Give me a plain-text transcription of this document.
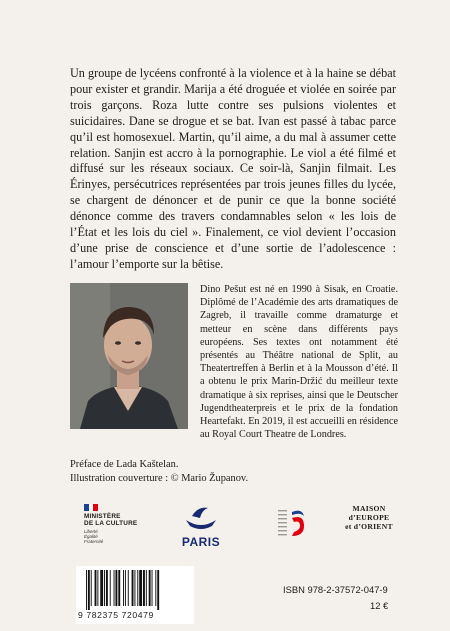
Un groupe de lycéens confronté à la violence et à la haine se débat pour exister et grandir. Marija a été droguée et violée en soirée par trois garçons. Roza lutte contre ses pulsions violentes et suicidaires. Dane se drogue et se bat. Ivan est passé à tabac parce qu’il est homosexuel. Martin, qu’il aime, a du mal à assumer cette relation. Sanjin est accro à la pornographie. Le viol a été filmé et diffusé sur les réseaux sociaux. Ce soir-là, Sanjin filmait. Les Érinyes, persécutrices représentées par trois jeunes filles du lycée, se chargent de dénoncer et de punir ce que la bonne société dénonce comme des travers condamnables selon « les lois de l’État et les lois du ciel ». Finalement, ce viol devient l’occasion d’une prise de conscience et d’une sortie de l’adolescence : l’amour l’emporte sur la bêtise.

Dino Pešut est né en 1990 à Sisak, en Croatie. Diplômé de l’Académie des arts dramatiques de Zagreb, il travaille comme dramaturge et metteur en scène dans différents pays européens. Ses textes ont notamment été présentés au Théâtre national de Split, au Theatertreffen à Berlin et à la Mousson d’été. Il a obtenu le prix Marin-Držić du meilleur texte dramatique à six reprises, ainsi que le Deutscher Jugendtheaterpreis et le prix de la fondation Heartefakt. En 2019, il est accueilli en résidence au Royal Court Theatre de Londres.

Préface de Lada Kaštelan.
Illustration couverture : © Mario Županov.
MINISTÈRE
DE LA CULTURE
Liberté
Égalité
Fraternité	PARIS
MAISON
d’EUROPE
et d’ORIENT
9 782375 720479
ISBN 978-2-37572-047-9
12 €
